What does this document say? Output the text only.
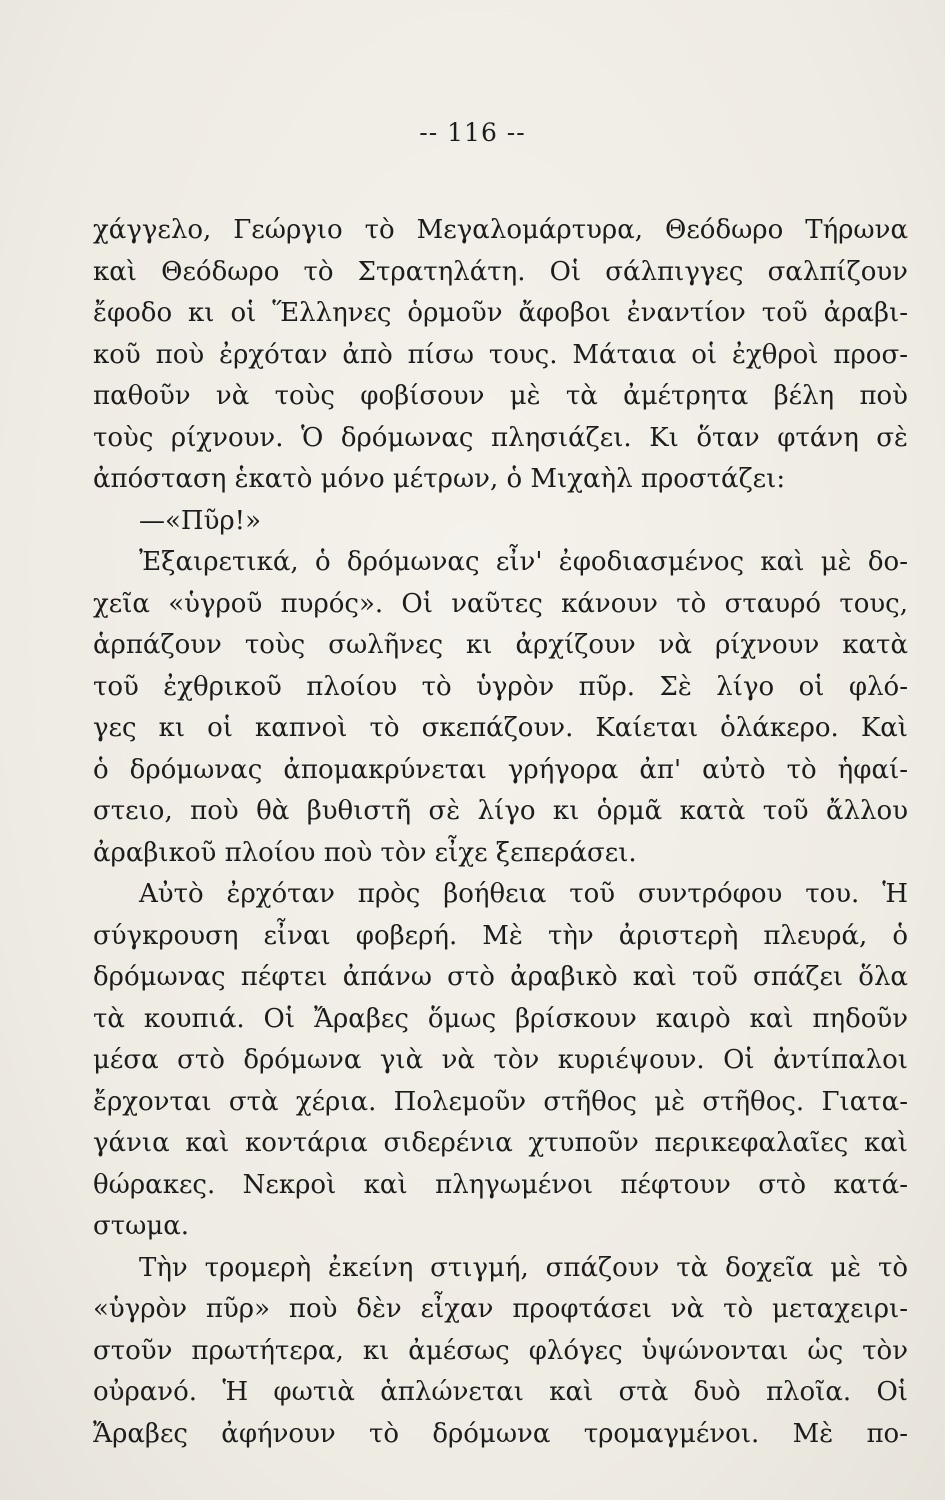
-- 116 --
χάγγελο, Γεώργιο τὸ Μεγαλομάρτυρα, Θεόδωρο Τήρωνα
καὶ Θεόδωρο τὸ Στρατηλάτη. Οἱ σάλπιγγες σαλπίζουν
ἔφοδο κι οἱ Ἕλληνες ὁρμοῦν ἄφοβοι ἐναντίον τοῦ ἀραβι-
κοῦ ποὺ ἐρχόταν ἀπὸ πίσω τους. Μάταια οἱ ἐχθροὶ προσ-
παθοῦν νὰ τοὺς φοβίσουν μὲ τὰ ἀμέτρητα βέλη ποὺ
τοὺς ρίχνουν. Ὁ δρόμωνας πλησιάζει. Κι ὅταν φτάνη σὲ
ἀπόσταση ἑκατὸ μόνο μέτρων, ὁ Μιχαὴλ προστάζει:
—«Πῦρ!»
Ἐξαιρετικά, ὁ δρόμωνας εἶν' ἐφοδιασμένος καὶ μὲ δο-
χεῖα «ὑγροῦ πυρός». Οἱ ναῦτες κάνουν τὸ σταυρό τους,
ἁρπάζουν τοὺς σωλῆνες κι ἀρχίζουν νὰ ρίχνουν κατὰ
τοῦ ἐχθρικοῦ πλοίου τὸ ὑγρὸν πῦρ. Σὲ λίγο οἱ φλό-
γες κι οἱ καπνοὶ τὸ σκεπάζουν. Καίεται ὁλάκερο. Καὶ
ὁ δρόμωνας ἀπομακρύνεται γρήγορα ἀπ' αὐτὸ τὸ ἡφαί-
στειο, ποὺ θὰ βυθιστῆ σὲ λίγο κι ὁρμᾶ κατὰ τοῦ ἄλλου
ἀραβικοῦ πλοίου ποὺ τὸν εἶχε ξεπεράσει.
Αὐτὸ ἐρχόταν πρὸς βοήθεια τοῦ συντρόφου του. Ἡ
σύγκρουση εἶναι φοβερή. Μὲ τὴν ἀριστερὴ πλευρά, ὁ
δρόμωνας πέφτει ἀπάνω στὸ ἀραβικὸ καὶ τοῦ σπάζει ὅλα
τὰ κουπιά. Οἱ Ἄραβες ὅμως βρίσκουν καιρὸ καὶ πηδοῦν
μέσα στὸ δρόμωνα γιὰ νὰ τὸν κυριέψουν. Οἱ ἀντίπαλοι
ἔρχονται στὰ χέρια. Πολεμοῦν στῆθος μὲ στῆθος. Γιατα-
γάνια καὶ κοντάρια σιδερένια χτυποῦν περικεφαλαῖες καὶ
θώρακες. Νεκροὶ καὶ πληγωμένοι πέφτουν στὸ κατά-
στωμα.
Τὴν τρομερὴ ἐκείνη στιγμή, σπάζουν τὰ δοχεῖα μὲ τὸ
«ὑγρὸν πῦρ» ποὺ δὲν εἶχαν προφτάσει νὰ τὸ μεταχειρι-
στοῦν πρωτήτερα, κι ἀμέσως φλόγες ὑψώνονται ὡς τὸν
οὐρανό. Ἡ φωτιὰ ἁπλώνεται καὶ στὰ δυὸ πλοῖα. Οἱ
Ἄραβες ἀφήνουν τὸ δρόμωνα τρομαγμένοι. Μὲ πο-
